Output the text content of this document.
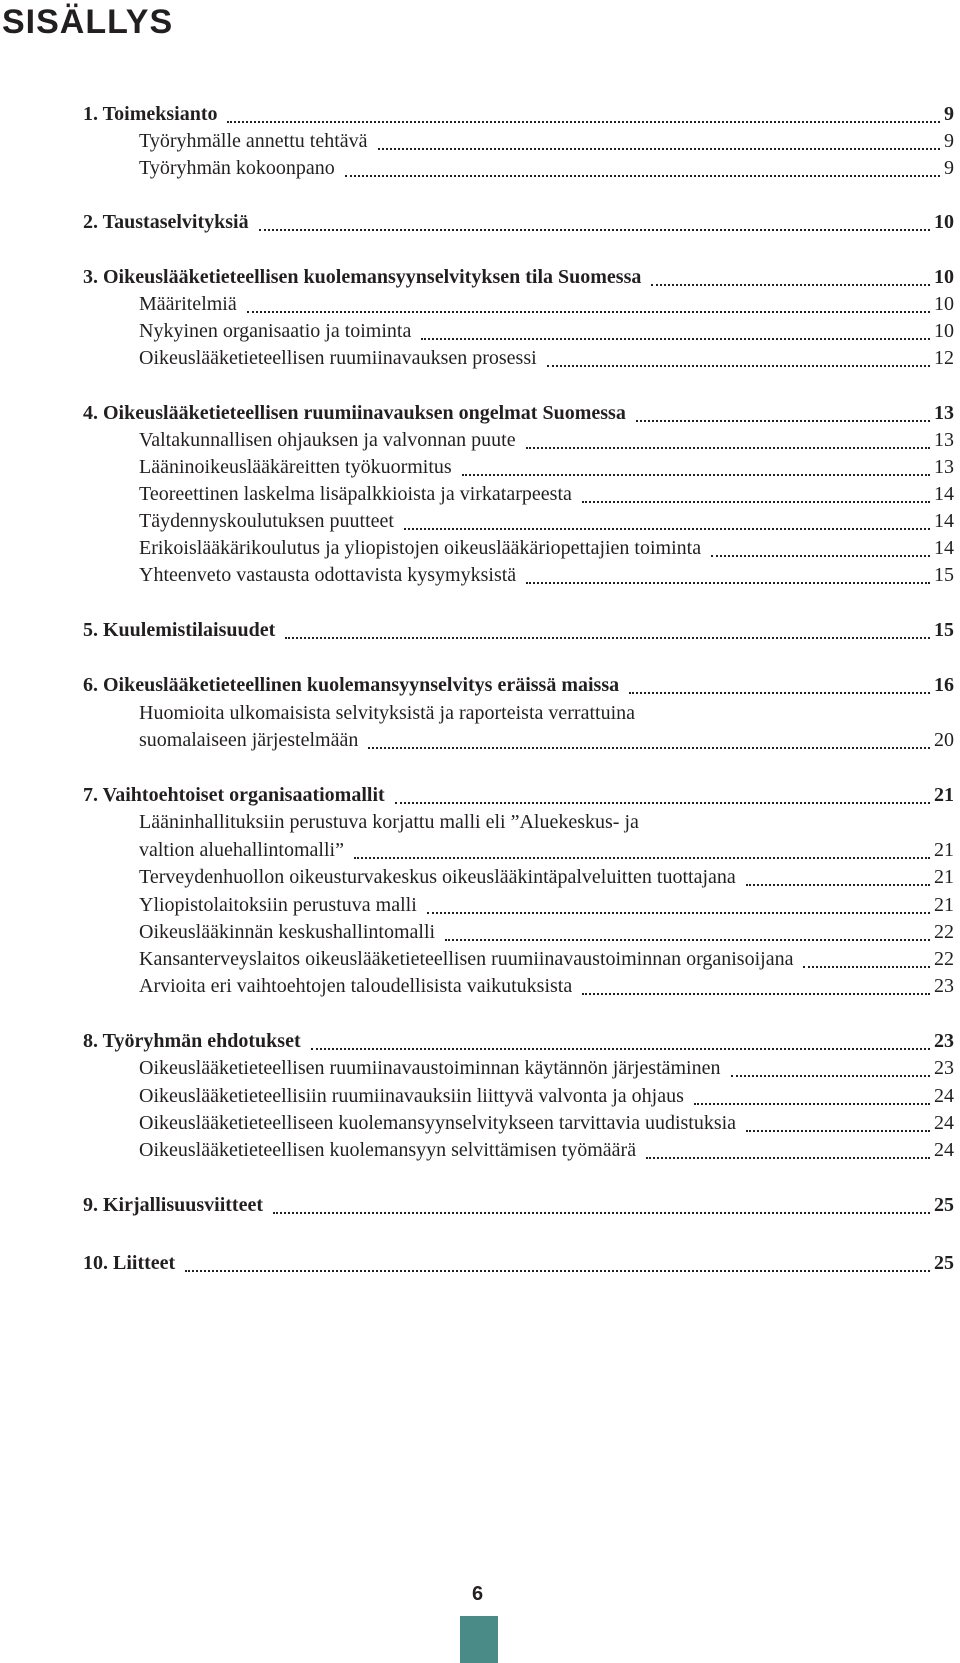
SISÄLLYS
1. Toimeksianto	9
Työryhmälle annettu tehtävä	9
Työryhmän kokoonpano	9
2. Taustaselvityksiä	10
3. Oikeuslääketieteellisen kuolemansyynselvityksen tila Suomessa	10
Määritelmiä	10
Nykyinen organisaatio ja toiminta	10
Oikeuslääketieteellisen ruumiinavauksen prosessi	12
4. Oikeuslääketieteellisen ruumiinavauksen ongelmat Suomessa	13
Valtakunnallisen ohjauksen ja valvonnan puute	13
Lääninoikeuslääkäreitten työkuormitus	13
Teoreettinen laskelma lisäpalkkioista ja virkatarpeesta	14
Täydennyskoulutuksen puutteet	14
Erikoislääkärikoulutus ja yliopistojen oikeuslääkäriopettajien toiminta	14
Yhteenveto vastausta odottavista kysymyksistä	15
5. Kuulemistilaisuudet	15
6. Oikeuslääketieteellinen kuolemansyynselvitys eräissä maissa	16
Huomioita ulkomaisista selvityksistä ja raporteista verrattuina
suomalaiseen järjestelmään	20
7. Vaihtoehtoiset organisaatiomallit	21
Lääninhallituksiin perustuva korjattu malli eli ”Aluekeskus- ja
valtion aluehallintomalli”	21
Terveydenhuollon oikeusturvakeskus oikeuslääkintäpalveluitten tuottajana	21
Yliopistolaitoksiin perustuva malli	21
Oikeuslääkinnän keskushallintomalli	22
Kansanterveyslaitos oikeuslääketieteellisen ruumiinavaustoiminnan organisoijana	22
Arvioita eri vaihtoehtojen taloudellisista vaikutuksista	23
8. Työryhmän ehdotukset	23
Oikeuslääketieteellisen ruumiinavaustoiminnan käytännön järjestäminen	23
Oikeuslääketieteellisiin ruumiinavauksiin liittyvä valvonta ja ohjaus	24
Oikeuslääketieteelliseen kuolemansyynselvitykseen tarvittavia uudistuksia	24
Oikeuslääketieteellisen kuolemansyyn selvittämisen työmäärä	24
9. Kirjallisuusviitteet	25
10. Liitteet	25
6
